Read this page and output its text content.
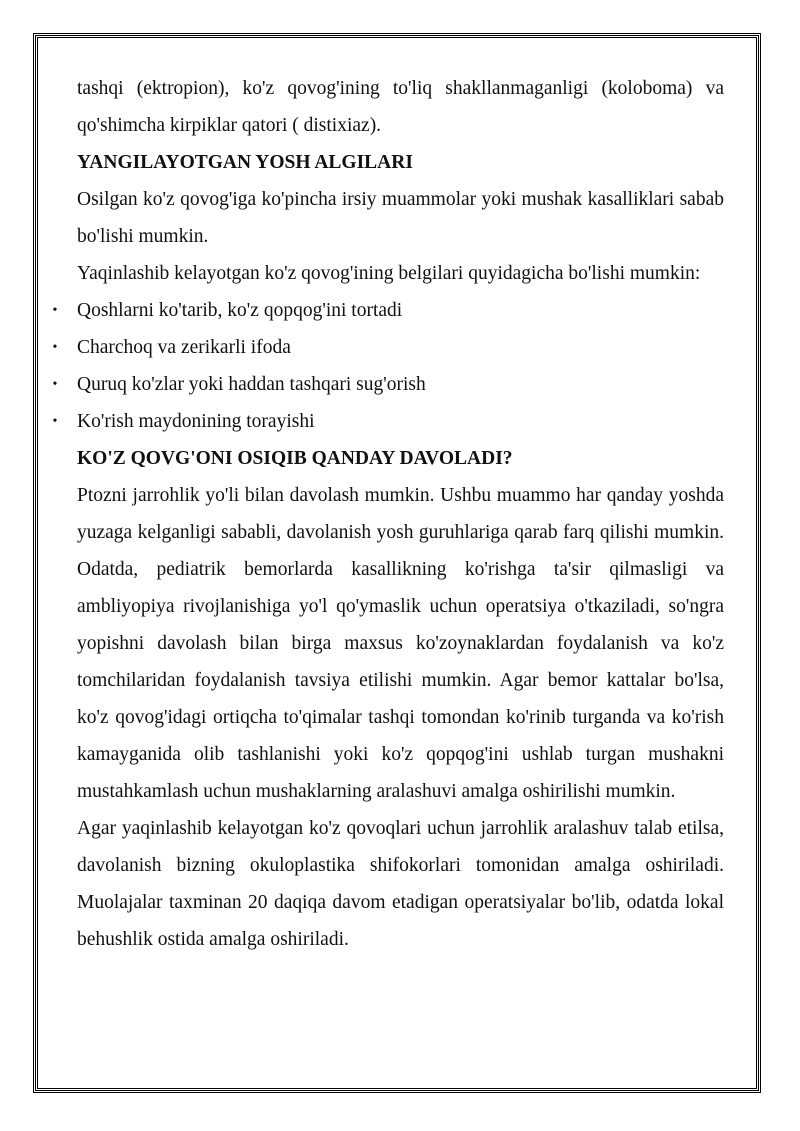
tashqi (ektropion), ko'z qovog'ining to'liq shakllanmaganligi (koloboma) va qo'shimcha kirpiklar qatori ( distixiaz).

YANGILAYOTGAN YOSH ALGILARI

Osilgan ko'z qovog'iga ko'pincha irsiy muammolar yoki mushak kasalliklari sabab bo'lishi mumkin.

Yaqinlashib kelayotgan ko'z qovog'ining belgilari quyidagicha bo'lishi mumkin:

• Qoshlarni ko'tarib, ko'z qopqog'ini tortadi
• Charchoq va zerikarli ifoda
• Quruq ko'zlar yoki haddan tashqari sug'orish
• Ko'rish maydonining torayishi

KO'Z QOVG'ONI OSIQIB QANDAY DAVOLADI?

Ptozni jarrohlik yo'li bilan davolash mumkin. Ushbu muammo har qanday yoshda yuzaga kelganligi sababli, davolanish yosh guruhlariga qarab farq qilishi mumkin. Odatda, pediatrik bemorlarda kasallikning ko'rishga ta'sir qilmasligi va ambliyopiya rivojlanishiga yo'l qo'ymaslik uchun operatsiya o'tkaziladi, so'ngra yopishni davolash bilan birga maxsus ko'zoynaklardan foydalanish va ko'z tomchilaridan foydalanish tavsiya etilishi mumkin. Agar bemor kattalar bo'lsa, ko'z qovog'idagi ortiqcha to'qimalar tashqi tomondan ko'rinib turganda va ko'rish kamayganida olib tashlanishi yoki ko'z qopqog'ini ushlab turgan mushakni mustahkamlash uchun mushaklarning aralashuvi amalga oshirilishi mumkin.

Agar yaqinlashib kelayotgan ko'z qovoqlari uchun jarrohlik aralashuv talab etilsa, davolanish bizning okuloplastika shifokorlari tomonidan amalga oshiriladi. Muolajalar taxminan 20 daqiqa davom etadigan operatsiyalar bo'lib, odatda lokal behushlik ostida amalga oshiriladi.
